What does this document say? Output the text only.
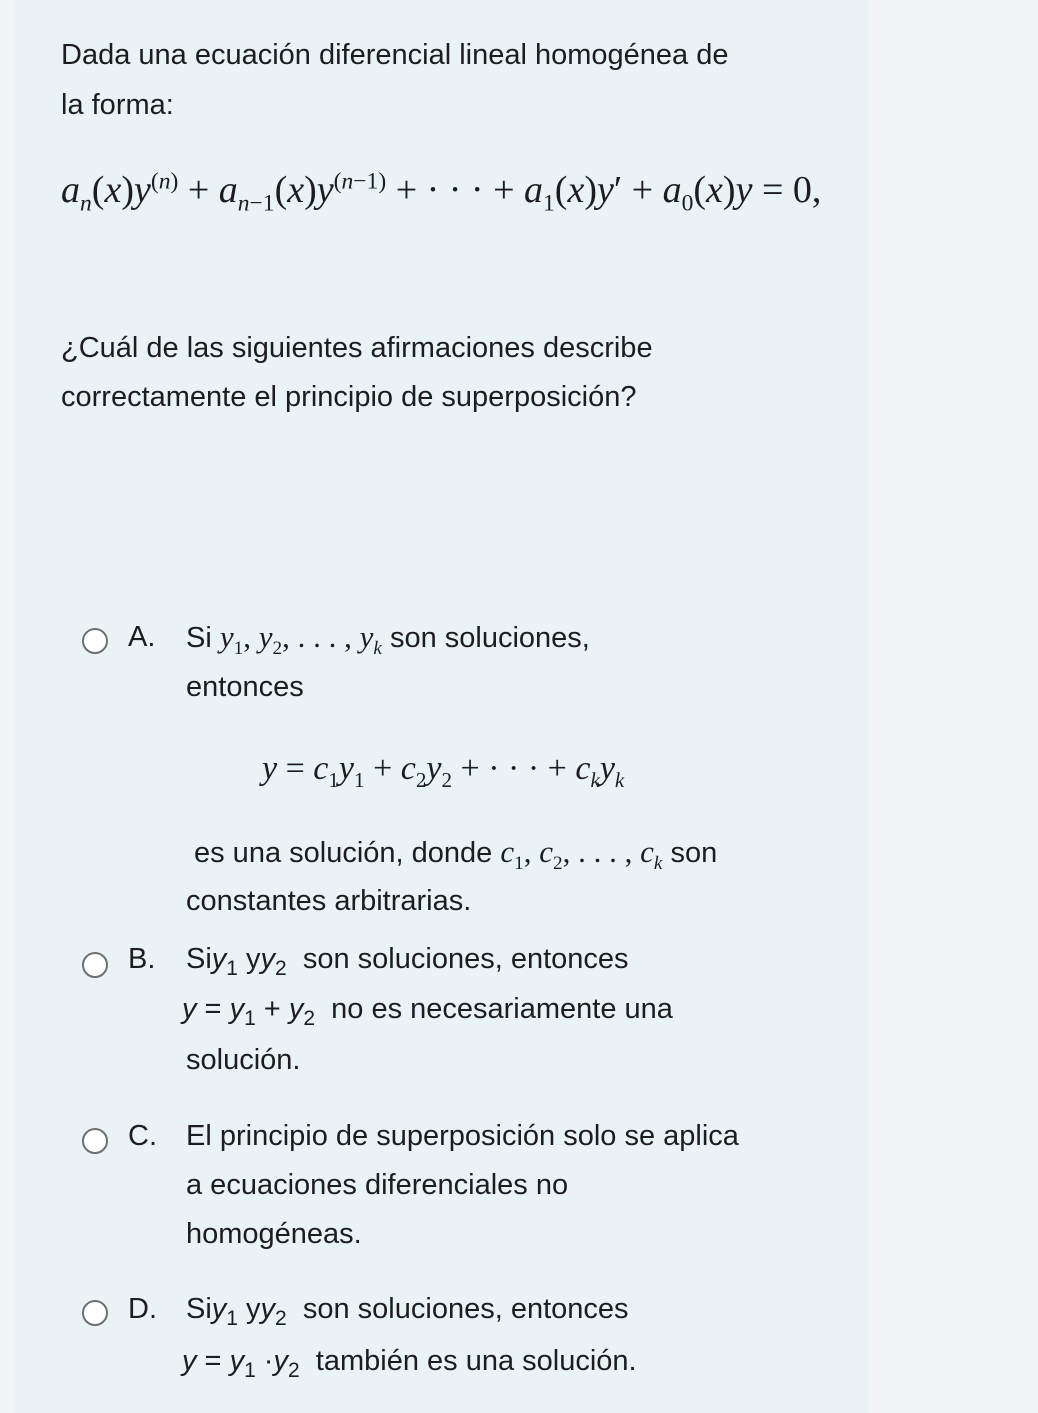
Dada una ecuación diferencial lineal homogénea de
la forma:
$a_n(x)y^{(n)} + a_{n-1}(x)y^{(n-1)}$ + · · · + $a_1(x)y' + a_0(x)y = 0$,
¿Cuál de las siguientes afirmaciones describe
correctamente el principio de superposición?
A. Si $y_1$, $y_2$, . . . , $y_k$ son soluciones,
entonces
$y = c_1y_1 + c_2y_2$ + · · · + $c_ky_k$
es una solución, donde $c_1$, $c_2$, . . . , $c_k$ son
constantes arbitrarias.
B. Siy$_1$ $yy_2$ son soluciones, entonces
$y = y_1 + y_2$ no es necesariamente una
solución.
C. El principio de superposición solo se aplica
a ecuaciones diferenciales no
homogéneas.
D. Siy$_1$ $yy_2$ son soluciones, entonces
$y = y_1 \cdot y_2$ también es una solución.
